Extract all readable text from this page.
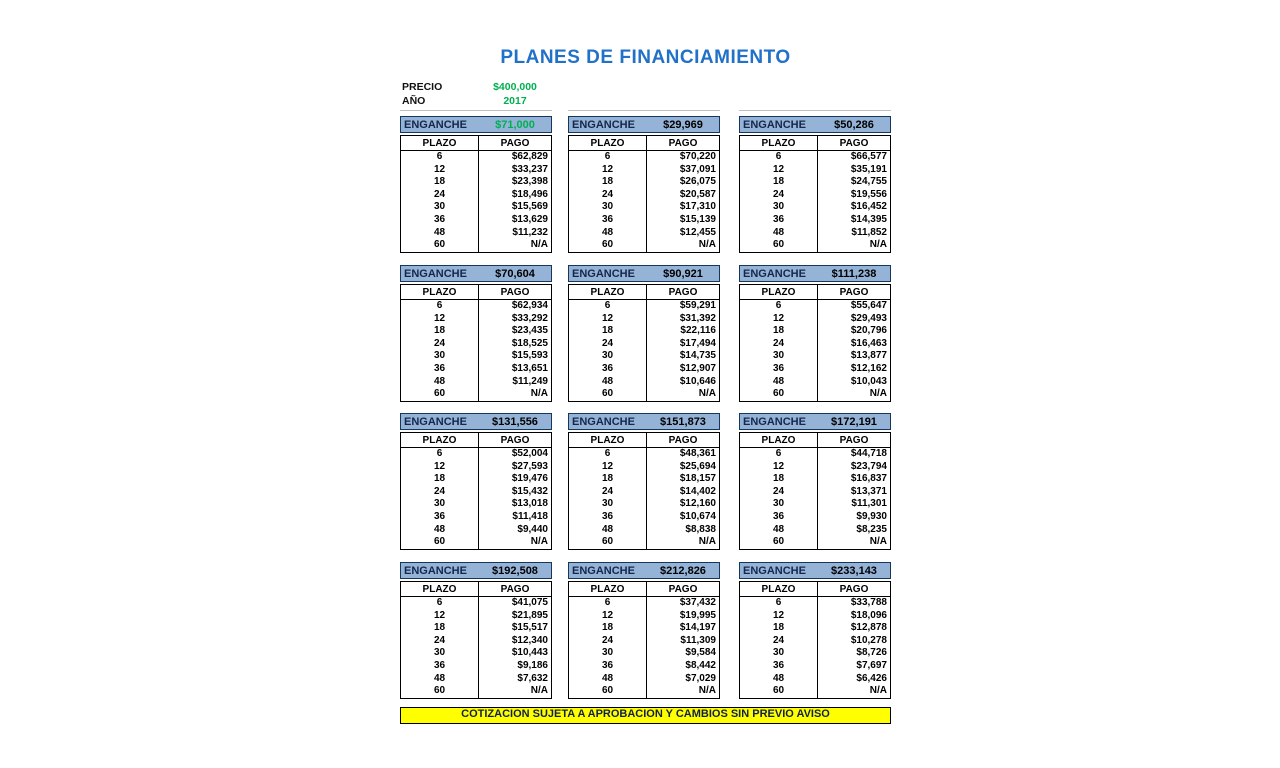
PLANES DE FINANCIAMIENTO
PRECIO	$400,000
AÑO	2017
ENGANCHE	$71,000
PLAZO	PAGO
6	$62,829
12	$33,237
18	$23,398
24	$18,496
30	$15,569
36	$13,629
48	$11,232
60	N/A
ENGANCHE	$29,969
PLAZO	PAGO
6	$70,220
12	$37,091
18	$26,075
24	$20,587
30	$17,310
36	$15,139
48	$12,455
60	N/A
ENGANCHE	$50,286
PLAZO	PAGO
6	$66,577
12	$35,191
18	$24,755
24	$19,556
30	$16,452
36	$14,395
48	$11,852
60	N/A
ENGANCHE	$70,604
PLAZO	PAGO
6	$62,934
12	$33,292
18	$23,435
24	$18,525
30	$15,593
36	$13,651
48	$11,249
60	N/A
ENGANCHE	$90,921
PLAZO	PAGO
6	$59,291
12	$31,392
18	$22,116
24	$17,494
30	$14,735
36	$12,907
48	$10,646
60	N/A
ENGANCHE	$111,238
PLAZO	PAGO
6	$55,647
12	$29,493
18	$20,796
24	$16,463
30	$13,877
36	$12,162
48	$10,043
60	N/A
ENGANCHE	$131,556
PLAZO	PAGO
6	$52,004
12	$27,593
18	$19,476
24	$15,432
30	$13,018
36	$11,418
48	$9,440
60	N/A
ENGANCHE	$151,873
PLAZO	PAGO
6	$48,361
12	$25,694
18	$18,157
24	$14,402
30	$12,160
36	$10,674
48	$8,838
60	N/A
ENGANCHE	$172,191
PLAZO	PAGO
6	$44,718
12	$23,794
18	$16,837
24	$13,371
30	$11,301
36	$9,930
48	$8,235
60	N/A
ENGANCHE	$192,508
PLAZO	PAGO
6	$41,075
12	$21,895
18	$15,517
24	$12,340
30	$10,443
36	$9,186
48	$7,632
60	N/A
ENGANCHE	$212,826
PLAZO	PAGO
6	$37,432
12	$19,995
18	$14,197
24	$11,309
30	$9,584
36	$8,442
48	$7,029
60	N/A
ENGANCHE	$233,143
PLAZO	PAGO
6	$33,788
12	$18,096
18	$12,878
24	$10,278
30	$8,726
36	$7,697
48	$6,426
60	N/A
COTIZACION SUJETA A APROBACION Y CAMBIOS SIN PREVIO AVISO
